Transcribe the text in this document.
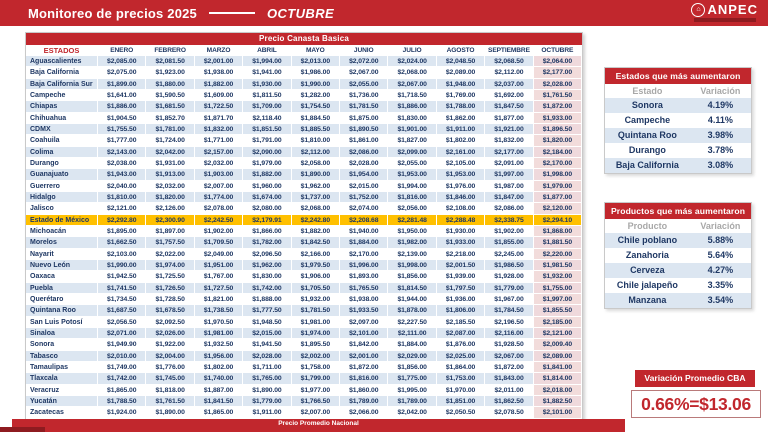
Monitoreo de precios 2025	OCTUBRE	⌂ ANPEC
Precio Canasta Basica
ESTADOS	ENERO	FEBRERO	MARZO	ABRIL	MAYO	JUNIO	JULIO	AGOSTO	SEPTIEMBRE	OCTUBRE
Aguascalientes	$2,085.00	$2,081.50	$2,001.00	$1,994.00	$2,013.00	$2,072.00	$2,024.00	$2,048.50	$2,068.50	$2,064.00
Baja California	$2,075.00	$1,923.00	$1,938.00	$1,941.00	$1,986.00	$2,067.00	$2,068.00	$2,089.00	$2,112.00	$2,177.00
Baja California Sur	$1,899.00	$1,880.00	$1,882.00	$1,930.00	$1,990.00	$2,055.00	$2,067.00	$1,948.00	$2,037.00	$2,028.00
Campeche	$1,641.00	$1,590.50	$1,609.00	$1,811.50	$1,282.00	$1,736.00	$1,718.50	$1,769.00	$1,692.00	$1,761.50
Chiapas	$1,886.00	$1,681.50	$1,722.50	$1,709.00	$1,754.50	$1,781.50	$1,886.00	$1,788.00	$1,847.50	$1,872.00
Chihuahua	$1,904.50	$1,852.70	$1,871.70	$2,118.40	$1,884.50	$1,875.00	$1,830.00	$1,862.00	$1,877.00	$1,933.00
CDMX	$1,755.50	$1,781.00	$1,832.00	$1,851.50	$1,885.50	$1,890.50	$1,901.00	$1,911.00	$1,921.00	$1,896.50
Coahuila	$1,777.00	$1,724.00	$1,771.00	$1,791.00	$1,810.00	$1,861.00	$1,827.00	$1,802.00	$1,832.00	$1,820.00
Colima	$2,143.00	$2,042.00	$2,157.00	$2,090.00	$2,112.00	$2,086.00	$2,099.00	$2,161.00	$2,177.00	$2,184.00
Durango	$2,038.00	$1,931.00	$2,032.00	$1,979.00	$2,058.00	$2,028.00	$2,055.00	$2,105.00	$2,091.00	$2,170.00
Guanajuato	$1,943.00	$1,913.00	$1,903.00	$1,882.00	$1,890.00	$1,954.00	$1,953.00	$1,953.00	$1,997.00	$1,998.00
Guerrero	$2,040.00	$2,032.00	$2,007.00	$1,960.00	$1,962.00	$2,015.00	$1,994.00	$1,976.00	$1,987.00	$1,979.00
Hidalgo	$1,810.00	$1,820.00	$1,774.00	$1,674.00	$1,737.00	$1,752.00	$1,816.00	$1,846.00	$1,847.00	$1,877.00
Jalisco	$2,121.00	$2,126.00	$2,078.00	$2,080.00	$2,068.00	$2,074.00	$2,056.00	$2,108.00	$2,086.00	$2,120.00
Estado de México	$2,292.80	$2,300.90	$2,242.50	$2,179.91	$2,242.80	$2,208.68	$2,281.48	$2,288.48	$2,338.75	$2,294.10
Michoacán	$1,895.00	$1,897.00	$1,902.00	$1,866.00	$1,882.00	$1,940.00	$1,950.00	$1,930.00	$1,902.00	$1,868.00
Morelos	$1,662.50	$1,757.50	$1,709.50	$1,782.00	$1,842.50	$1,884.00	$1,982.00	$1,933.00	$1,855.00	$1,881.50
Nayarit	$2,103.00	$2,022.00	$2,049.00	$2,096.50	$2,166.00	$2,170.00	$2,139.00	$2,218.00	$2,245.00	$2,220.00
Nuevo León	$1,990.00	$1,974.00	$1,951.00	$1,962.00	$1,979.50	$1,996.00	$1,998.00	$2,001.50	$1,986.50	$1,981.50
Oaxaca	$1,942.50	$1,725.50	$1,767.00	$1,830.00	$1,906.00	$1,893.00	$1,856.00	$1,939.00	$1,928.00	$1,932.00
Puebla	$1,741.50	$1,726.50	$1,727.50	$1,742.00	$1,705.50	$1,765.50	$1,814.50	$1,797.50	$1,779.00	$1,755.00
Querétaro	$1,734.50	$1,728.50	$1,821.00	$1,888.00	$1,932.00	$1,938.00	$1,944.00	$1,936.00	$1,967.00	$1,997.00
Quintana Roo	$1,687.50	$1,678.50	$1,738.50	$1,777.50	$1,781.50	$1,933.50	$1,878.00	$1,806.00	$1,784.50	$1,855.50
San Luis Potosí	$2,056.50	$2,092.50	$1,970.50	$1,948.50	$1,981.00	$2,097.00	$2,227.50	$2,185.50	$2,196.50	$2,185.00
Sinaloa	$2,071.00	$2,026.00	$1,981.00	$2,015.00	$1,974.00	$2,101.00	$2,111.00	$2,087.00	$2,116.00	$2,121.00
Sonora	$1,949.90	$1,922.00	$1,932.50	$1,941.50	$1,895.50	$1,842.00	$1,884.00	$1,876.00	$1,928.50	$2,009.40
Tabasco	$2,010.00	$2,004.00	$1,956.00	$2,028.00	$2,002.00	$2,001.00	$2,029.00	$2,025.00	$2,067.00	$2,089.00
Tamaulipas	$1,749.00	$1,776.00	$1,802.00	$1,711.00	$1,758.00	$1,872.00	$1,856.00	$1,864.00	$1,872.00	$1,841.00
Tlaxcala	$1,742.00	$1,745.00	$1,740.00	$1,765.00	$1,799.00	$1,816.00	$1,775.00	$1,753.00	$1,843.00	$1,814.00
Veracruz	$1,865.00	$1,818.00	$1,887.00	$1,890.00	$1,977.00	$1,860.00	$1,995.00	$1,970.00	$2,011.00	$2,018.00
Yucatán	$1,788.50	$1,761.50	$1,841.50	$1,779.00	$1,766.50	$1,789.00	$1,789.00	$1,851.00	$1,862.50	$1,882.50
Zacatecas	$1,924.00	$1,890.00	$1,865.00	$1,911.00	$2,007.00	$2,066.00	$2,042.00	$2,050.50	$2,078.50	$2,101.00
Estados que más aumentaron
Estado	Variación
Sonora	4.19%
Campeche	4.11%
Quintana Roo	3.98%
Durango	3.78%
Baja California	3.08%
Productos que más aumentaron
Producto	Variación
Chile poblano	5.88%
Zanahoria	5.64%
Cerveza	4.27%
Chile jalapeño	3.35%
Manzana	3.54%
Variación Promedio CBA
0.66%=$13.06
Precio Promedio Nacional
